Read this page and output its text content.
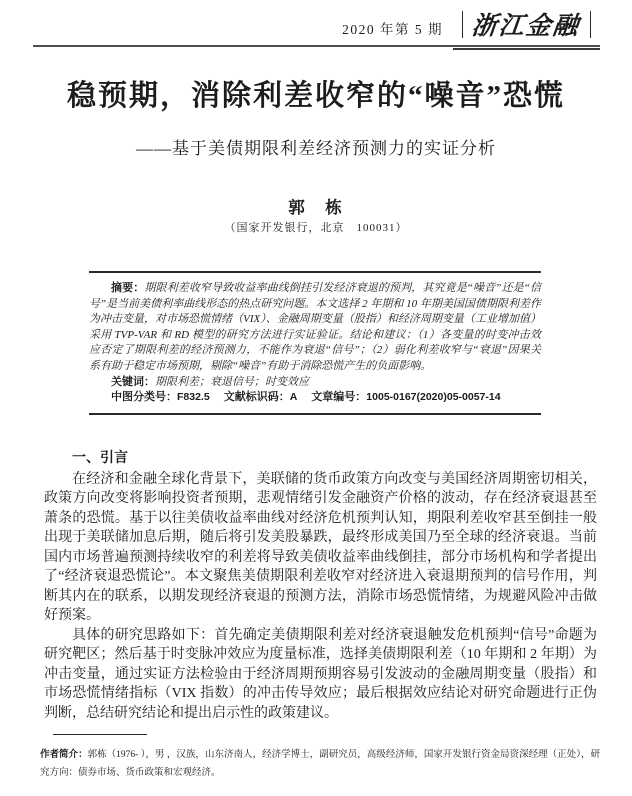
2020 年第 5 期 浙江金融
稳预期，消除利差收窄的“噪音”恐慌
——基于美债期限利差经济预测力的实证分析
郭　栋
（国家开发银行，北京　100031）

摘要：期限利差收窄导致收益率曲线倒挂引发经济衰退的预判，其究竟是“噪音”还是“信号”是当前美债利率曲线形态的热点研究问题。本文选择 2 年期和 10 年期美国国债期限利差作为冲击变量，对市场恐慌情绪（VIX）、金融周期变量（股指）和经济周期变量（工业增加值）采用 TVP-VAR 和 RD 模型的研究方法进行实证验证。结论和建议：（1）各变量的时变冲击效应否定了期限利差的经济预测力，不能作为衰退“信号”；（2）弱化利差收窄与“衰退”因果关系有助于稳定市场预期，剔除“噪音”有助于消除恐慌产生的负面影响。

关键词：期限利差；衰退信号；时变效应

中图分类号：F832.5 文献标识码：A 文章编号：1005-0167(2020)05-0057-14

一、引言

在经济和金融全球化背景下，美联储的货币政策方向改变与美国经济周期密切相关，政策方向改变将影响投资者预期，悲观情绪引发金融资产价格的波动，存在经济衰退甚至萧条的恐慌。基于以往美债收益率曲线对经济危机预判认知，期限利差收窄甚至倒挂一般出现于美联储加息后期，随后将引发美股暴跌，最终形成美国乃至全球的经济衰退。当前国内市场普遍预测持续收窄的利差将导致美债收益率曲线倒挂，部分市场机构和学者提出了“经济衰退恐慌论”。本文聚焦美债期限利差收窄对经济进入衰退期预判的信号作用，判断其内在的联系，以期发现经济衰退的预测方法，消除市场恐慌情绪，为规避风险冲击做好预案。

具体的研究思路如下：首先确定美债期限利差对经济衰退触发危机预判“信号”命题为研究靶区；然后基于时变脉冲效应为度量标准，选择美债期限利差（10 年期和 2 年期）为冲击变量，通过实证方法检验由于经济周期预期容易引发波动的金融周期变量（股指）和市场恐慌情绪指标（VIX 指数）的冲击传导效应；最后根据效应结论对研究命题进行正伪判断，总结研究结论和提出启示性的政策建议。

作者简介：郭栋（1976- ），男 ，汉族，山东济南人，经济学博士，副研究员，高级经济师，国家开发银行资金局资深经理（正处），研究方向：债券市场、货币政策和宏观经济。
